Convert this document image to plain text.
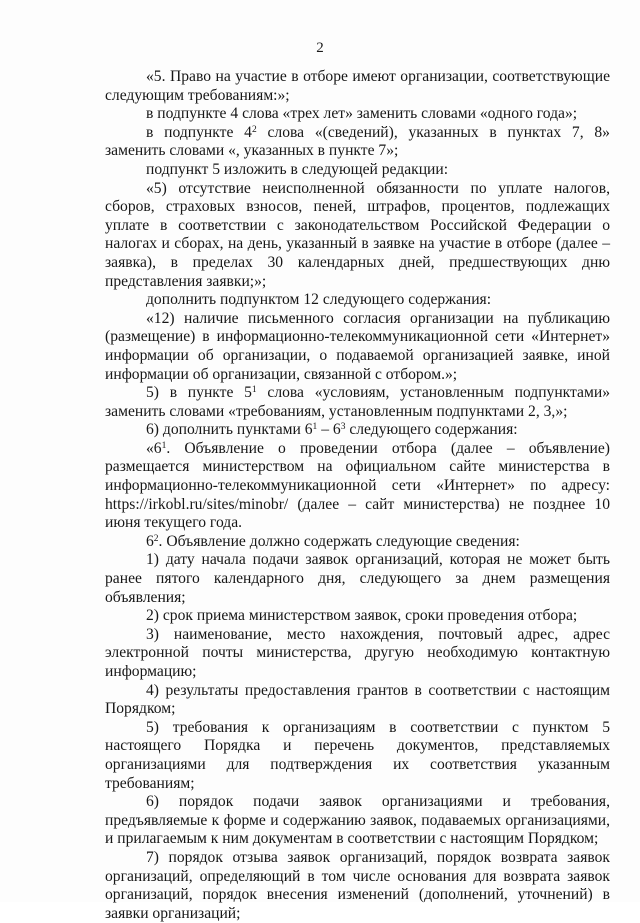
2

«5. Право на участие в отборе имеют организации, соответствующие следующим требованиям:»;

в подпункте 4 слова «трех лет» заменить словами «одного года»;

в подпункте $4^2$ слова «(сведений), указанных в пунктах 7, 8» заменить словами «, указанных в пункте 7»;

подпункт 5 изложить в следующей редакции:

«5) отсутствие неисполненной обязанности по уплате налогов, сборов, страховых взносов, пеней, штрафов, процентов, подлежащих уплате в соответствии с законодательством Российской Федерации о налогах и сборах, на день, указанный в заявке на участие в отборе (далее – заявка), в пределах 30 календарных дней, предшествующих дню представления заявки;»;

дополнить подпунктом 12 следующего содержания:

«12) наличие письменного согласия организации на публикацию (размещение) в информационно-телекоммуникационной сети «Интернет» информации об организации, о подаваемой организацией заявке, иной информации об организации, связанной с отбором.»;

5) в пункте $5^1$ слова «условиям, установленным подпунктами» заменить словами «требованиям, установленным подпунктами 2, 3,»;

6) дополнить пунктами $6^1 - 6^3$ следующего содержания:

«$6^1$. Объявление о проведении отбора (далее – объявление) размещается министерством на официальном сайте министерства в информационно-телекоммуникационной сети «Интернет» по адресу: https://irkobl.ru/sites/minobr/ (далее – сайт министерства) не позднее 10 июня текущего года.

$6^2$. Объявление должно содержать следующие сведения:

1) дату начала подачи заявок организаций, которая не может быть ранее пятого календарного дня, следующего за днем размещения объявления;

2) срок приема министерством заявок, сроки проведения отбора;

3) наименование, место нахождения, почтовый адрес, адрес электронной почты министерства, другую необходимую контактную информацию;

4) результаты предоставления грантов в соответствии с настоящим Порядком;

5) требования к организациям в соответствии с пунктом 5 настоящего Порядка и перечень документов, представляемых организациями для подтверждения их соответствия указанным требованиям;

6) порядок подачи заявок организациями и требования, предъявляемые к форме и содержанию заявок, подаваемых организациями, и прилагаемым к ним документам в соответствии с настоящим Порядком;

7) порядок отзыва заявок организаций, порядок возврата заявок организаций, определяющий в том числе основания для возврата заявок организаций, порядок внесения изменений (дополнений, уточнений) в заявки организаций;
